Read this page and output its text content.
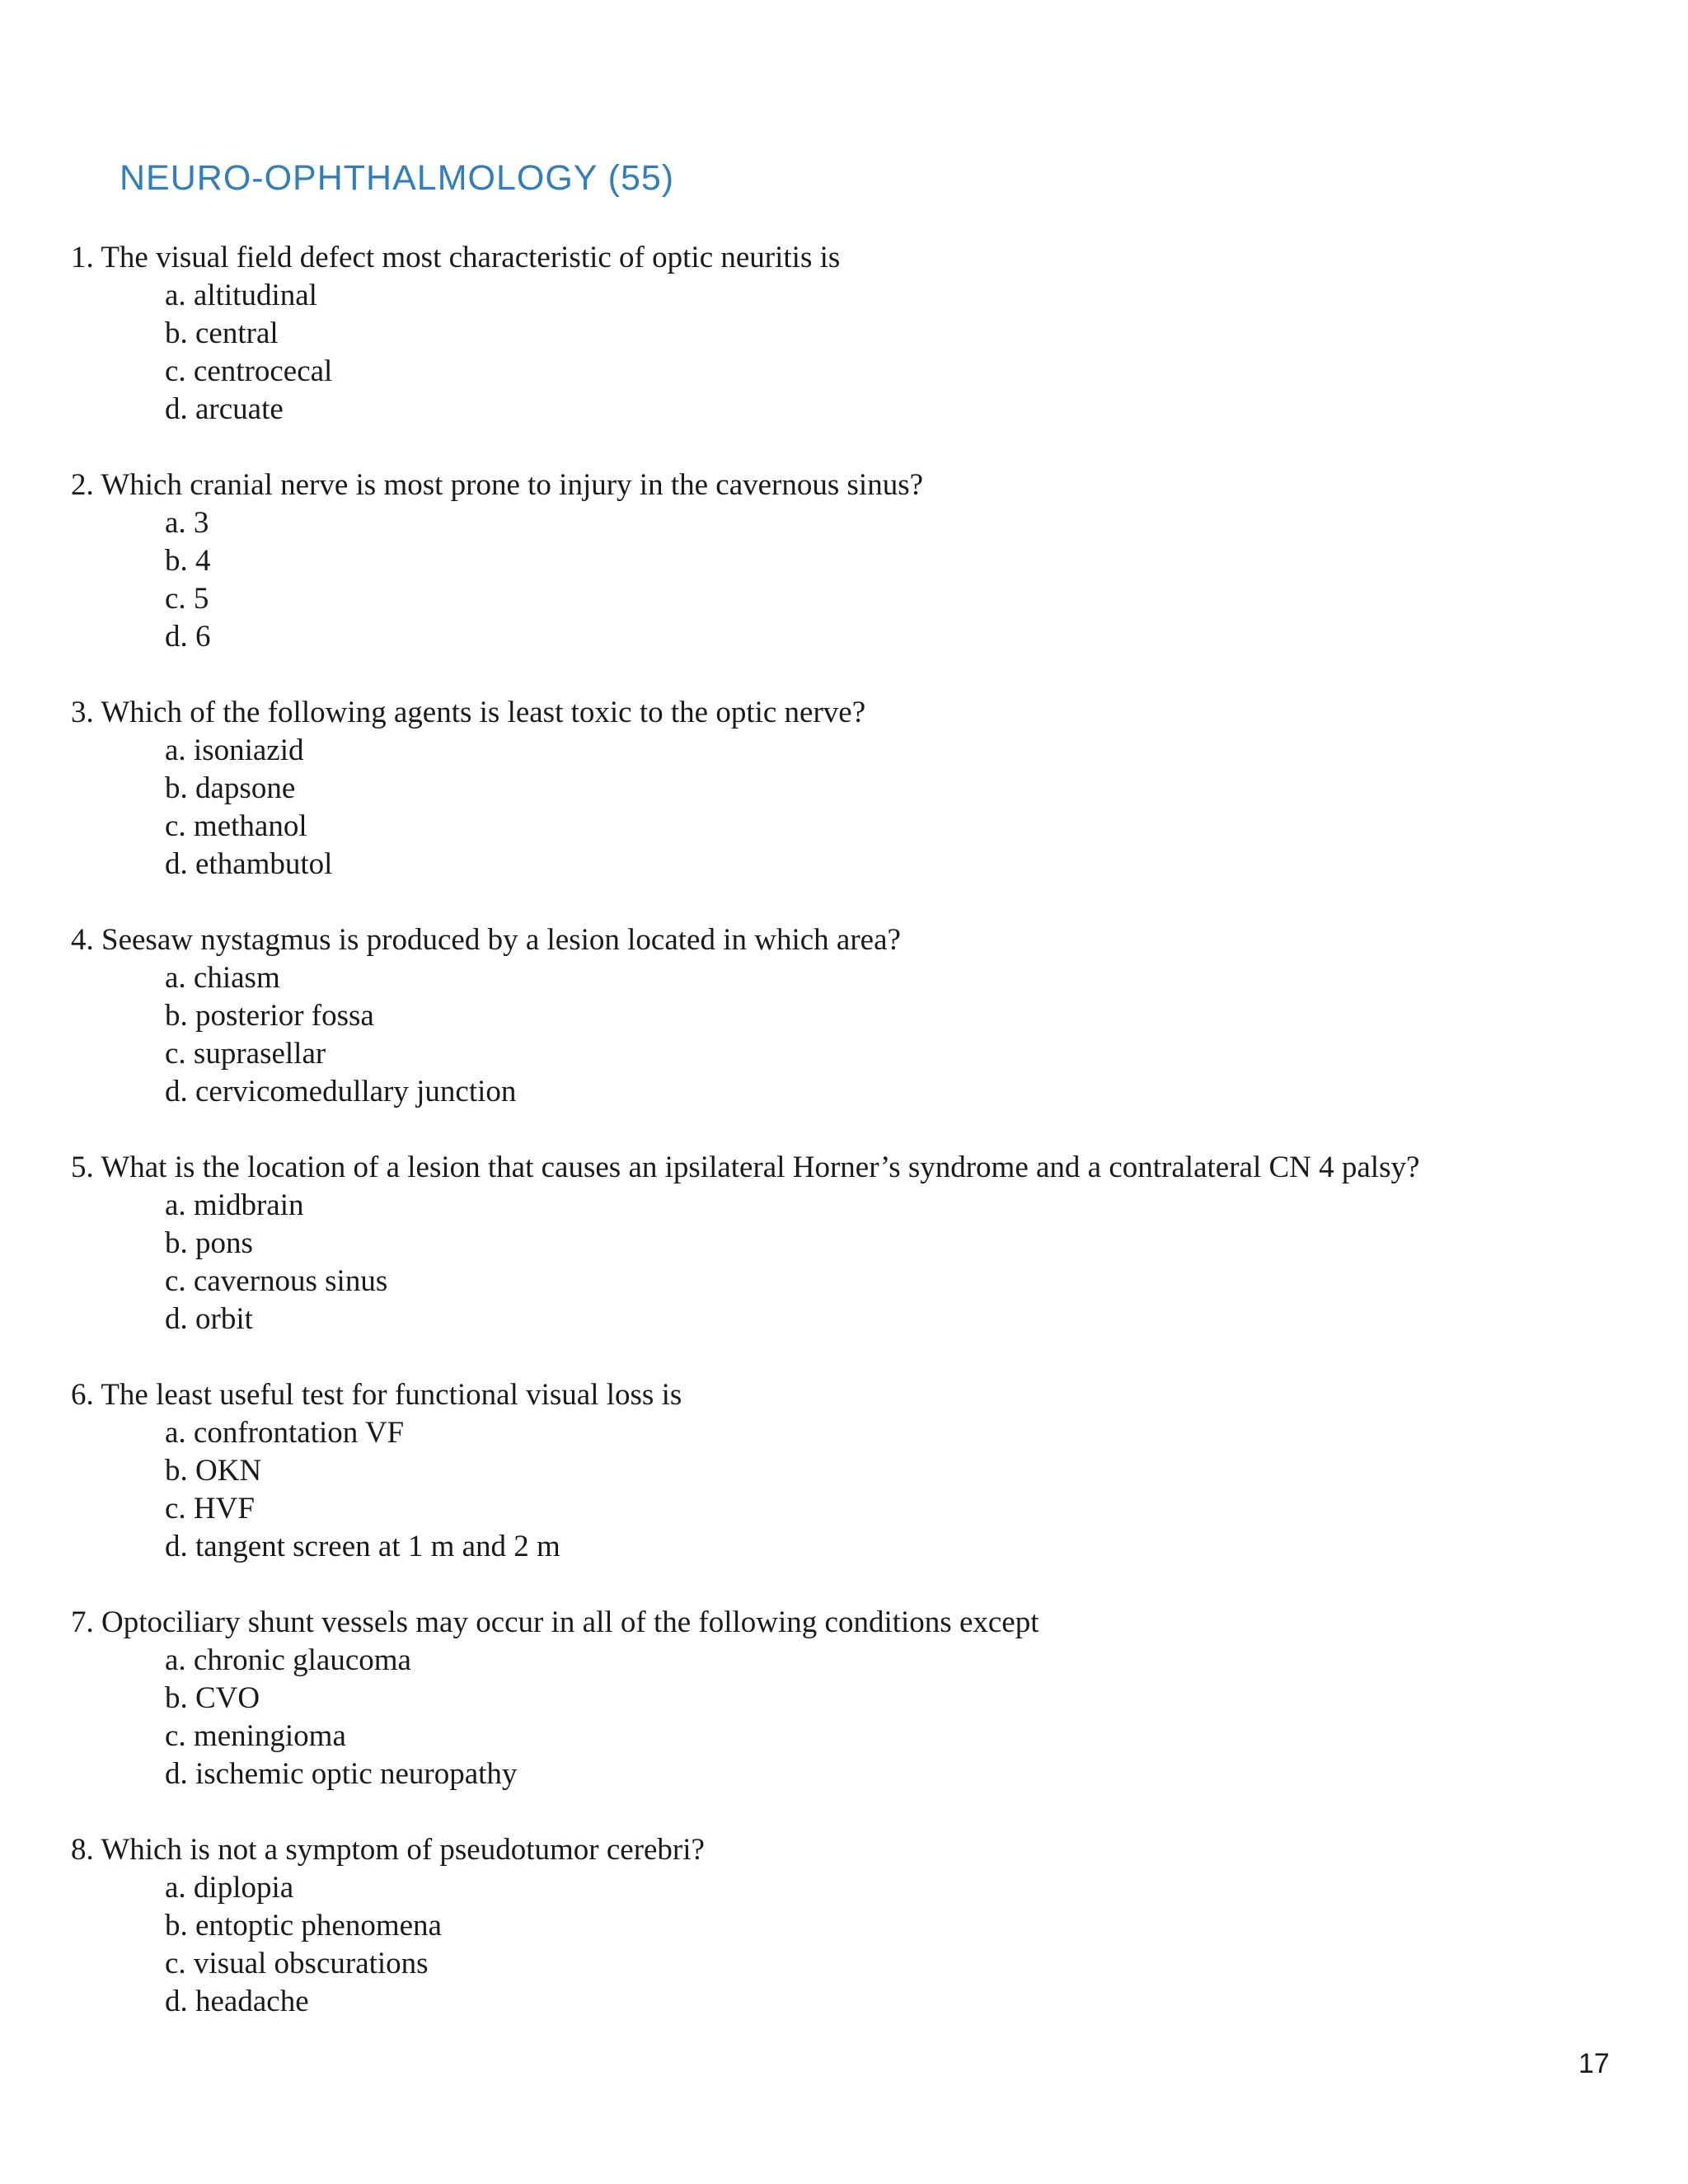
NEURO-OPHTHALMOLOGY (55)
1. The visual field defect most characteristic of optic neuritis is
a. altitudinal
b. central
c. centrocecal
d. arcuate
2. Which cranial nerve is most prone to injury in the cavernous sinus?
a. 3
b. 4
c. 5
d. 6
3. Which of the following agents is least toxic to the optic nerve?
a. isoniazid
b. dapsone
c. methanol
d. ethambutol
4. Seesaw nystagmus is produced by a lesion located in which area?
a. chiasm
b. posterior fossa
c. suprasellar
d. cervicomedullary junction
5. What is the location of a lesion that causes an ipsilateral Horner’s syndrome and a contralateral CN 4 palsy?
a. midbrain
b. pons
c. cavernous sinus
d. orbit
6. The least useful test for functional visual loss is
a. confrontation VF
b. OKN
c. HVF
d. tangent screen at 1 m and 2 m
7. Optociliary shunt vessels may occur in all of the following conditions except
a. chronic glaucoma
b. CVO
c. meningioma
d. ischemic optic neuropathy
8. Which is not a symptom of pseudotumor cerebri?
a. diplopia
b. entoptic phenomena
c. visual obscurations
d. headache
17
